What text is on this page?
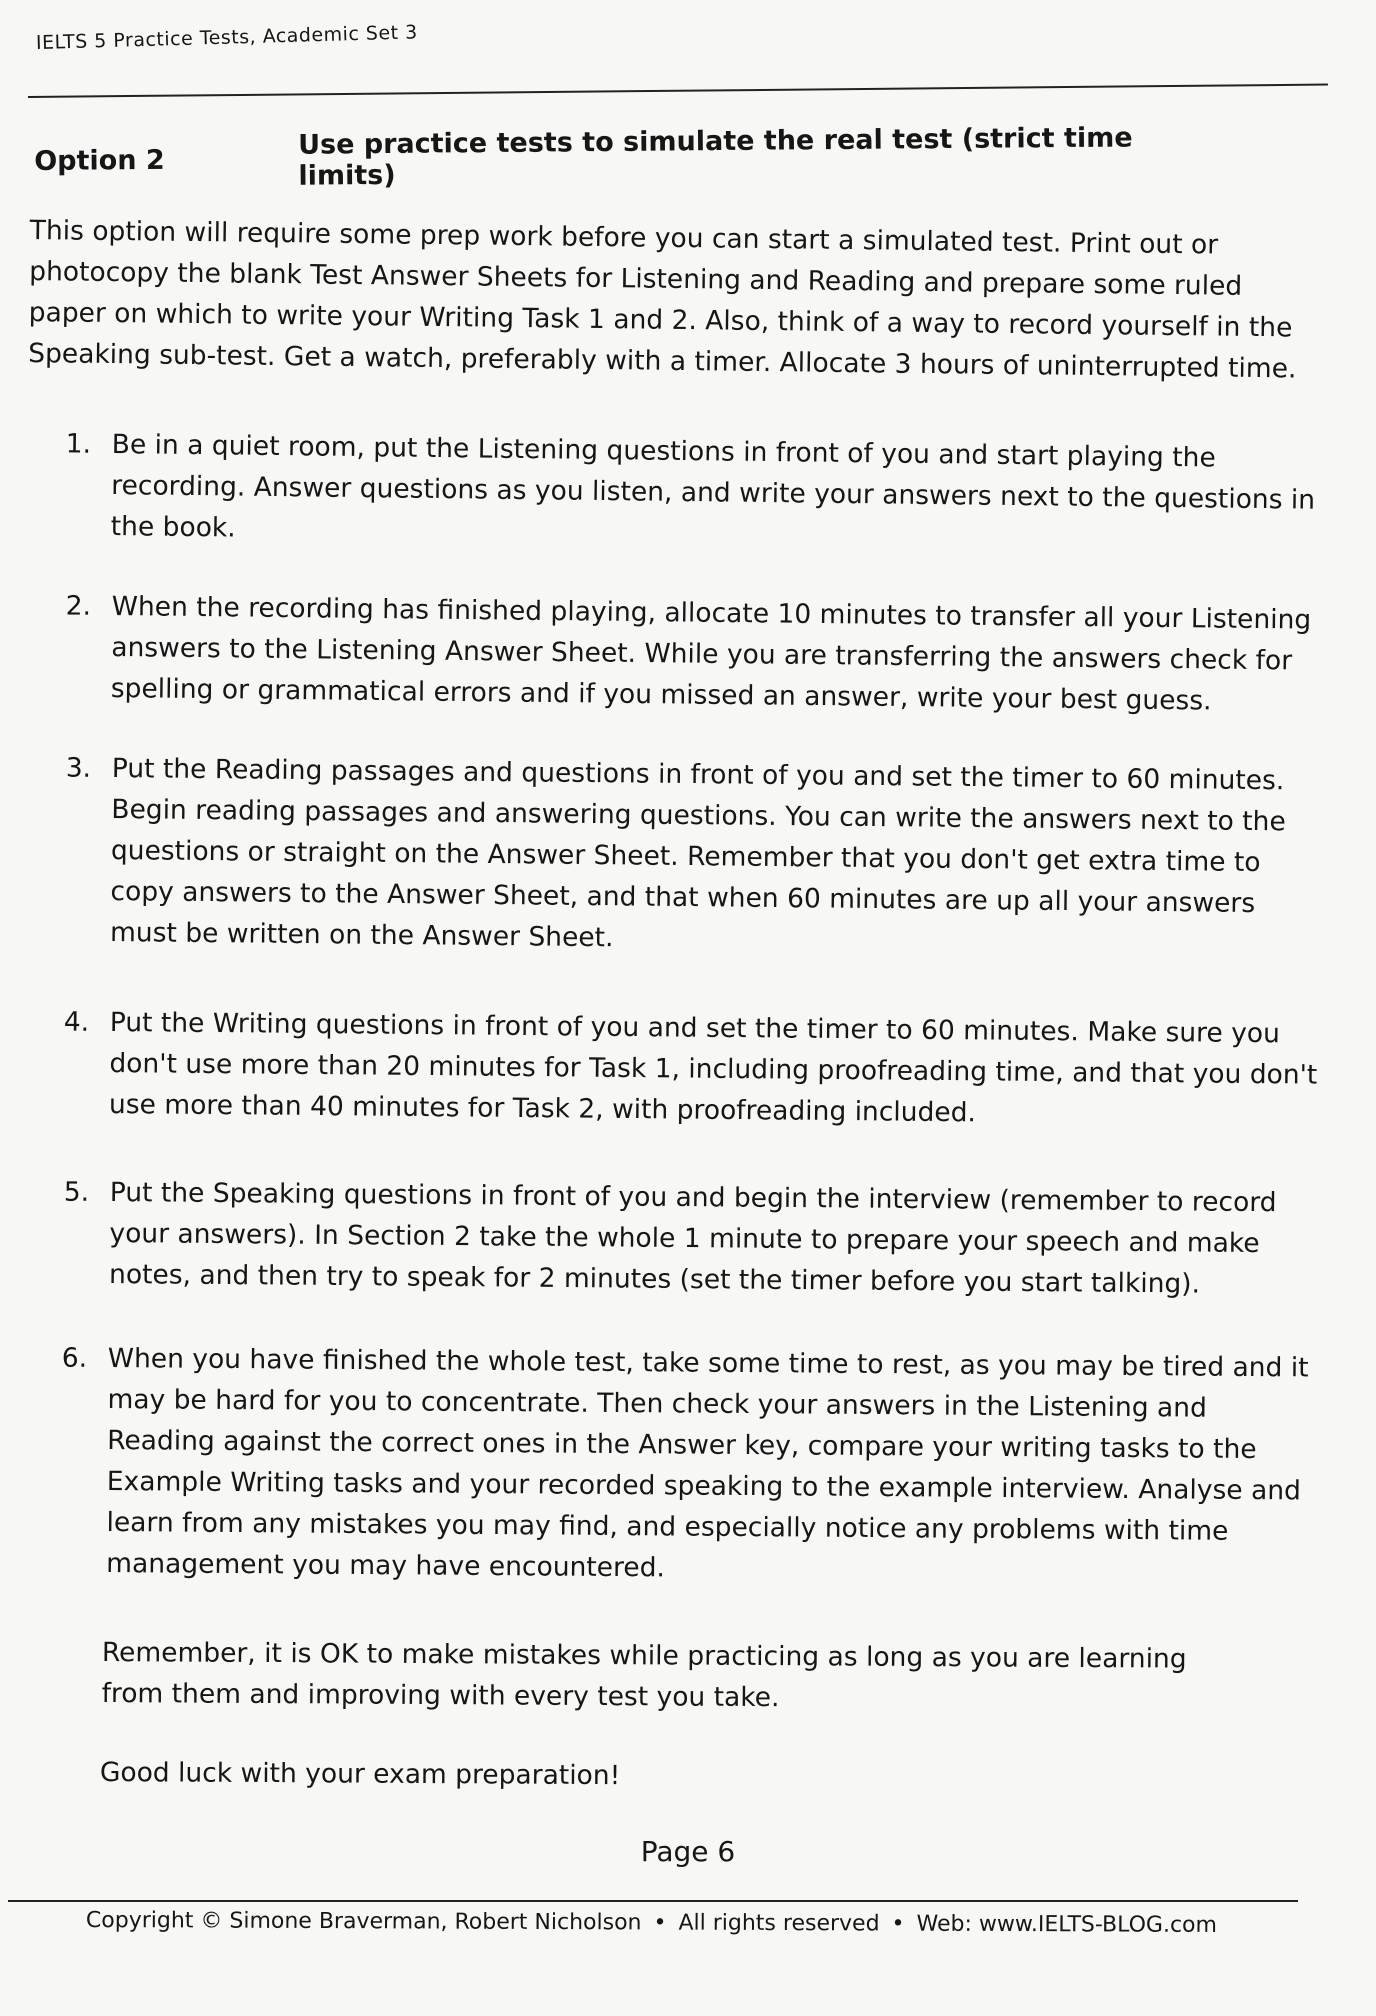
IELTS 5 Practice Tests, Academic Set 3
Option 2
Use practice tests to simulate the real test (strict time limits)

This option will require some prep work before you can start a simulated test. Print out or photocopy the blank Test Answer Sheets for Listening and Reading and prepare some ruled paper on which to write your Writing Task 1 and 2. Also, think of a way to record yourself in the Speaking sub-test. Get a watch, preferably with a timer. Allocate 3 hours of uninterrupted time.

1. Be in a quiet room, put the Listening questions in front of you and start playing the recording. Answer questions as you listen, and write your answers next to the questions in the book.
2. When the recording has finished playing, allocate 10 minutes to transfer all your Listening answers to the Listening Answer Sheet. While you are transferring the answers check for spelling or grammatical errors and if you missed an answer, write your best guess.
3. Put the Reading passages and questions in front of you and set the timer to 60 minutes. Begin reading passages and answering questions. You can write the answers next to the questions or straight on the Answer Sheet. Remember that you don't get extra time to copy answers to the Answer Sheet, and that when 60 minutes are up all your answers must be written on the Answer Sheet.
4. Put the Writing questions in front of you and set the timer to 60 minutes. Make sure you don't use more than 20 minutes for Task 1, including proofreading time, and that you don't use more than 40 minutes for Task 2, with proofreading included.
5. Put the Speaking questions in front of you and begin the interview (remember to record your answers). In Section 2 take the whole 1 minute to prepare your speech and make notes, and then try to speak for 2 minutes (set the timer before you start talking).
6. When you have finished the whole test, take some time to rest, as you may be tired and it may be hard for you to concentrate. Then check your answers in the Listening and Reading against the correct ones in the Answer key, compare your writing tasks to the Example Writing tasks and your recorded speaking to the example interview. Analyse and learn from any mistakes you may find, and especially notice any problems with time management you may have encountered.

Remember, it is OK to make mistakes while practicing as long as you are learning from them and improving with every test you take.

Good luck with your exam preparation!

Page 6
Copyright © Simone Braverman, Robert Nicholson • All rights reserved • Web: www.IELTS-BLOG.com
